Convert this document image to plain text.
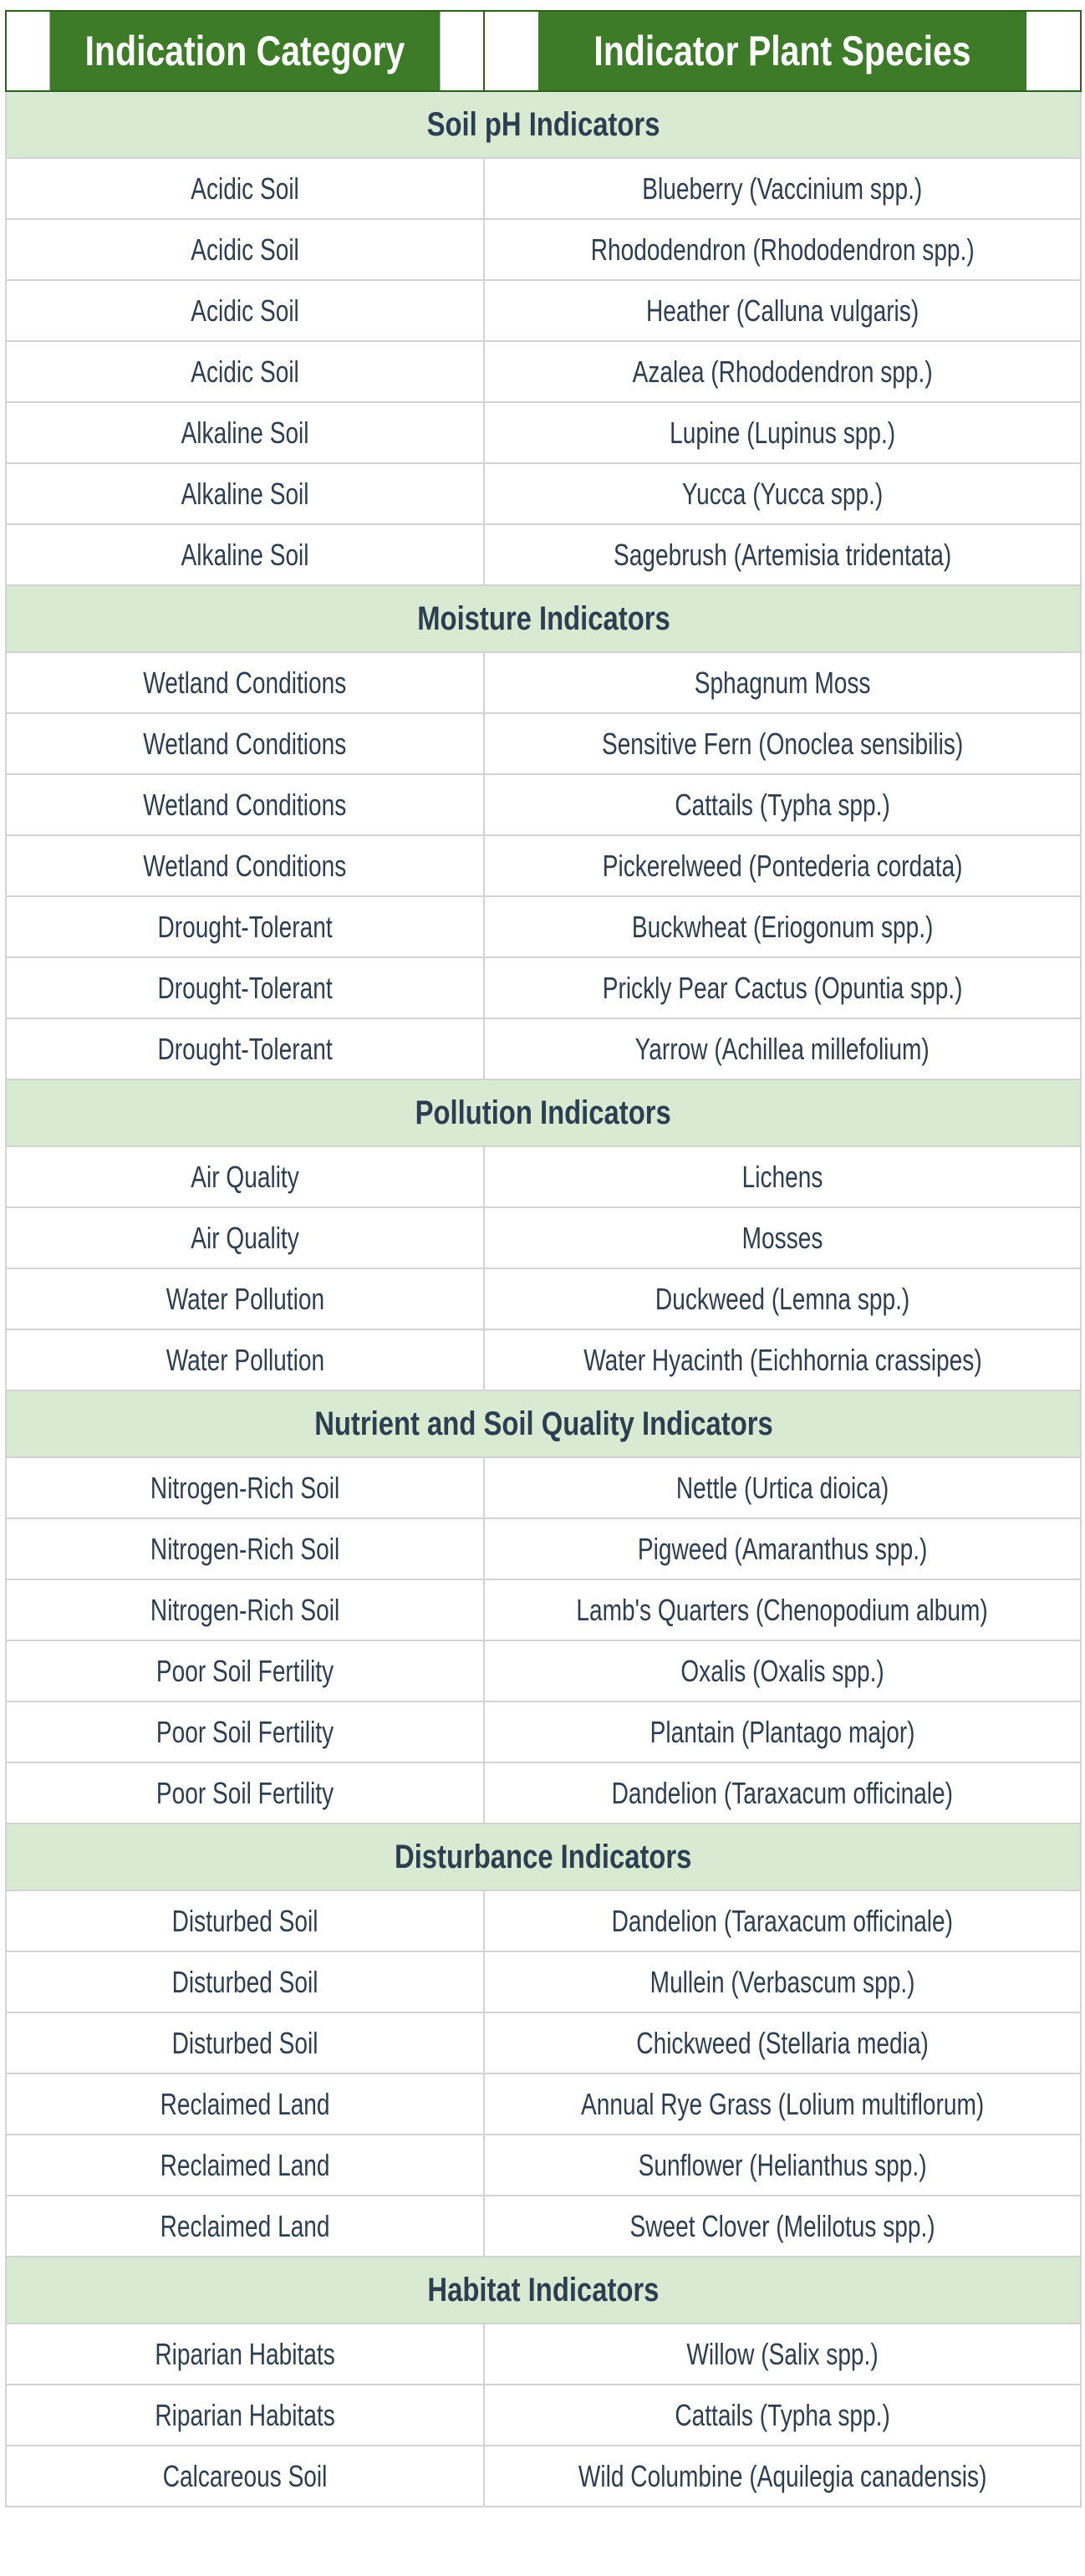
Indication Category	Indicator Plant Species
Soil pH Indicators	
Acidic Soil	Blueberry (Vaccinium spp.)
Acidic Soil	Rhododendron (Rhododendron spp.)
Acidic Soil	Heather (Calluna vulgaris)
Acidic Soil	Azalea (Rhododendron spp.)
Alkaline Soil	Lupine (Lupinus spp.)
Alkaline Soil	Yucca (Yucca spp.)
Alkaline Soil	Sagebrush (Artemisia tridentata)
Moisture Indicators	
Wetland Conditions	Sphagnum Moss
Wetland Conditions	Sensitive Fern (Onoclea sensibilis)
Wetland Conditions	Cattails (Typha spp.)
Wetland Conditions	Pickerelweed (Pontederia cordata)
Drought-Tolerant	Buckwheat (Eriogonum spp.)
Drought-Tolerant	Prickly Pear Cactus (Opuntia spp.)
Drought-Tolerant	Yarrow (Achillea millefolium)
Pollution Indicators	
Air Quality	Lichens
Air Quality	Mosses
Water Pollution	Duckweed (Lemna spp.)
Water Pollution	Water Hyacinth (Eichhornia crassipes)
Nutrient and Soil Quality Indicators	
Nitrogen-Rich Soil	Nettle (Urtica dioica)
Nitrogen-Rich Soil	Pigweed (Amaranthus spp.)
Nitrogen-Rich Soil	Lamb's Quarters (Chenopodium album)
Poor Soil Fertility	Oxalis (Oxalis spp.)
Poor Soil Fertility	Plantain (Plantago major)
Poor Soil Fertility	Dandelion (Taraxacum officinale)
Disturbance Indicators	
Disturbed Soil	Dandelion (Taraxacum officinale)
Disturbed Soil	Mullein (Verbascum spp.)
Disturbed Soil	Chickweed (Stellaria media)
Reclaimed Land	Annual Rye Grass (Lolium multiflorum)
Reclaimed Land	Sunflower (Helianthus spp.)
Reclaimed Land	Sweet Clover (Melilotus spp.)
Habitat Indicators	
Riparian Habitats	Willow (Salix spp.)
Riparian Habitats	Cattails (Typha spp.)
Calcareous Soil	Wild Columbine (Aquilegia canadensis)
